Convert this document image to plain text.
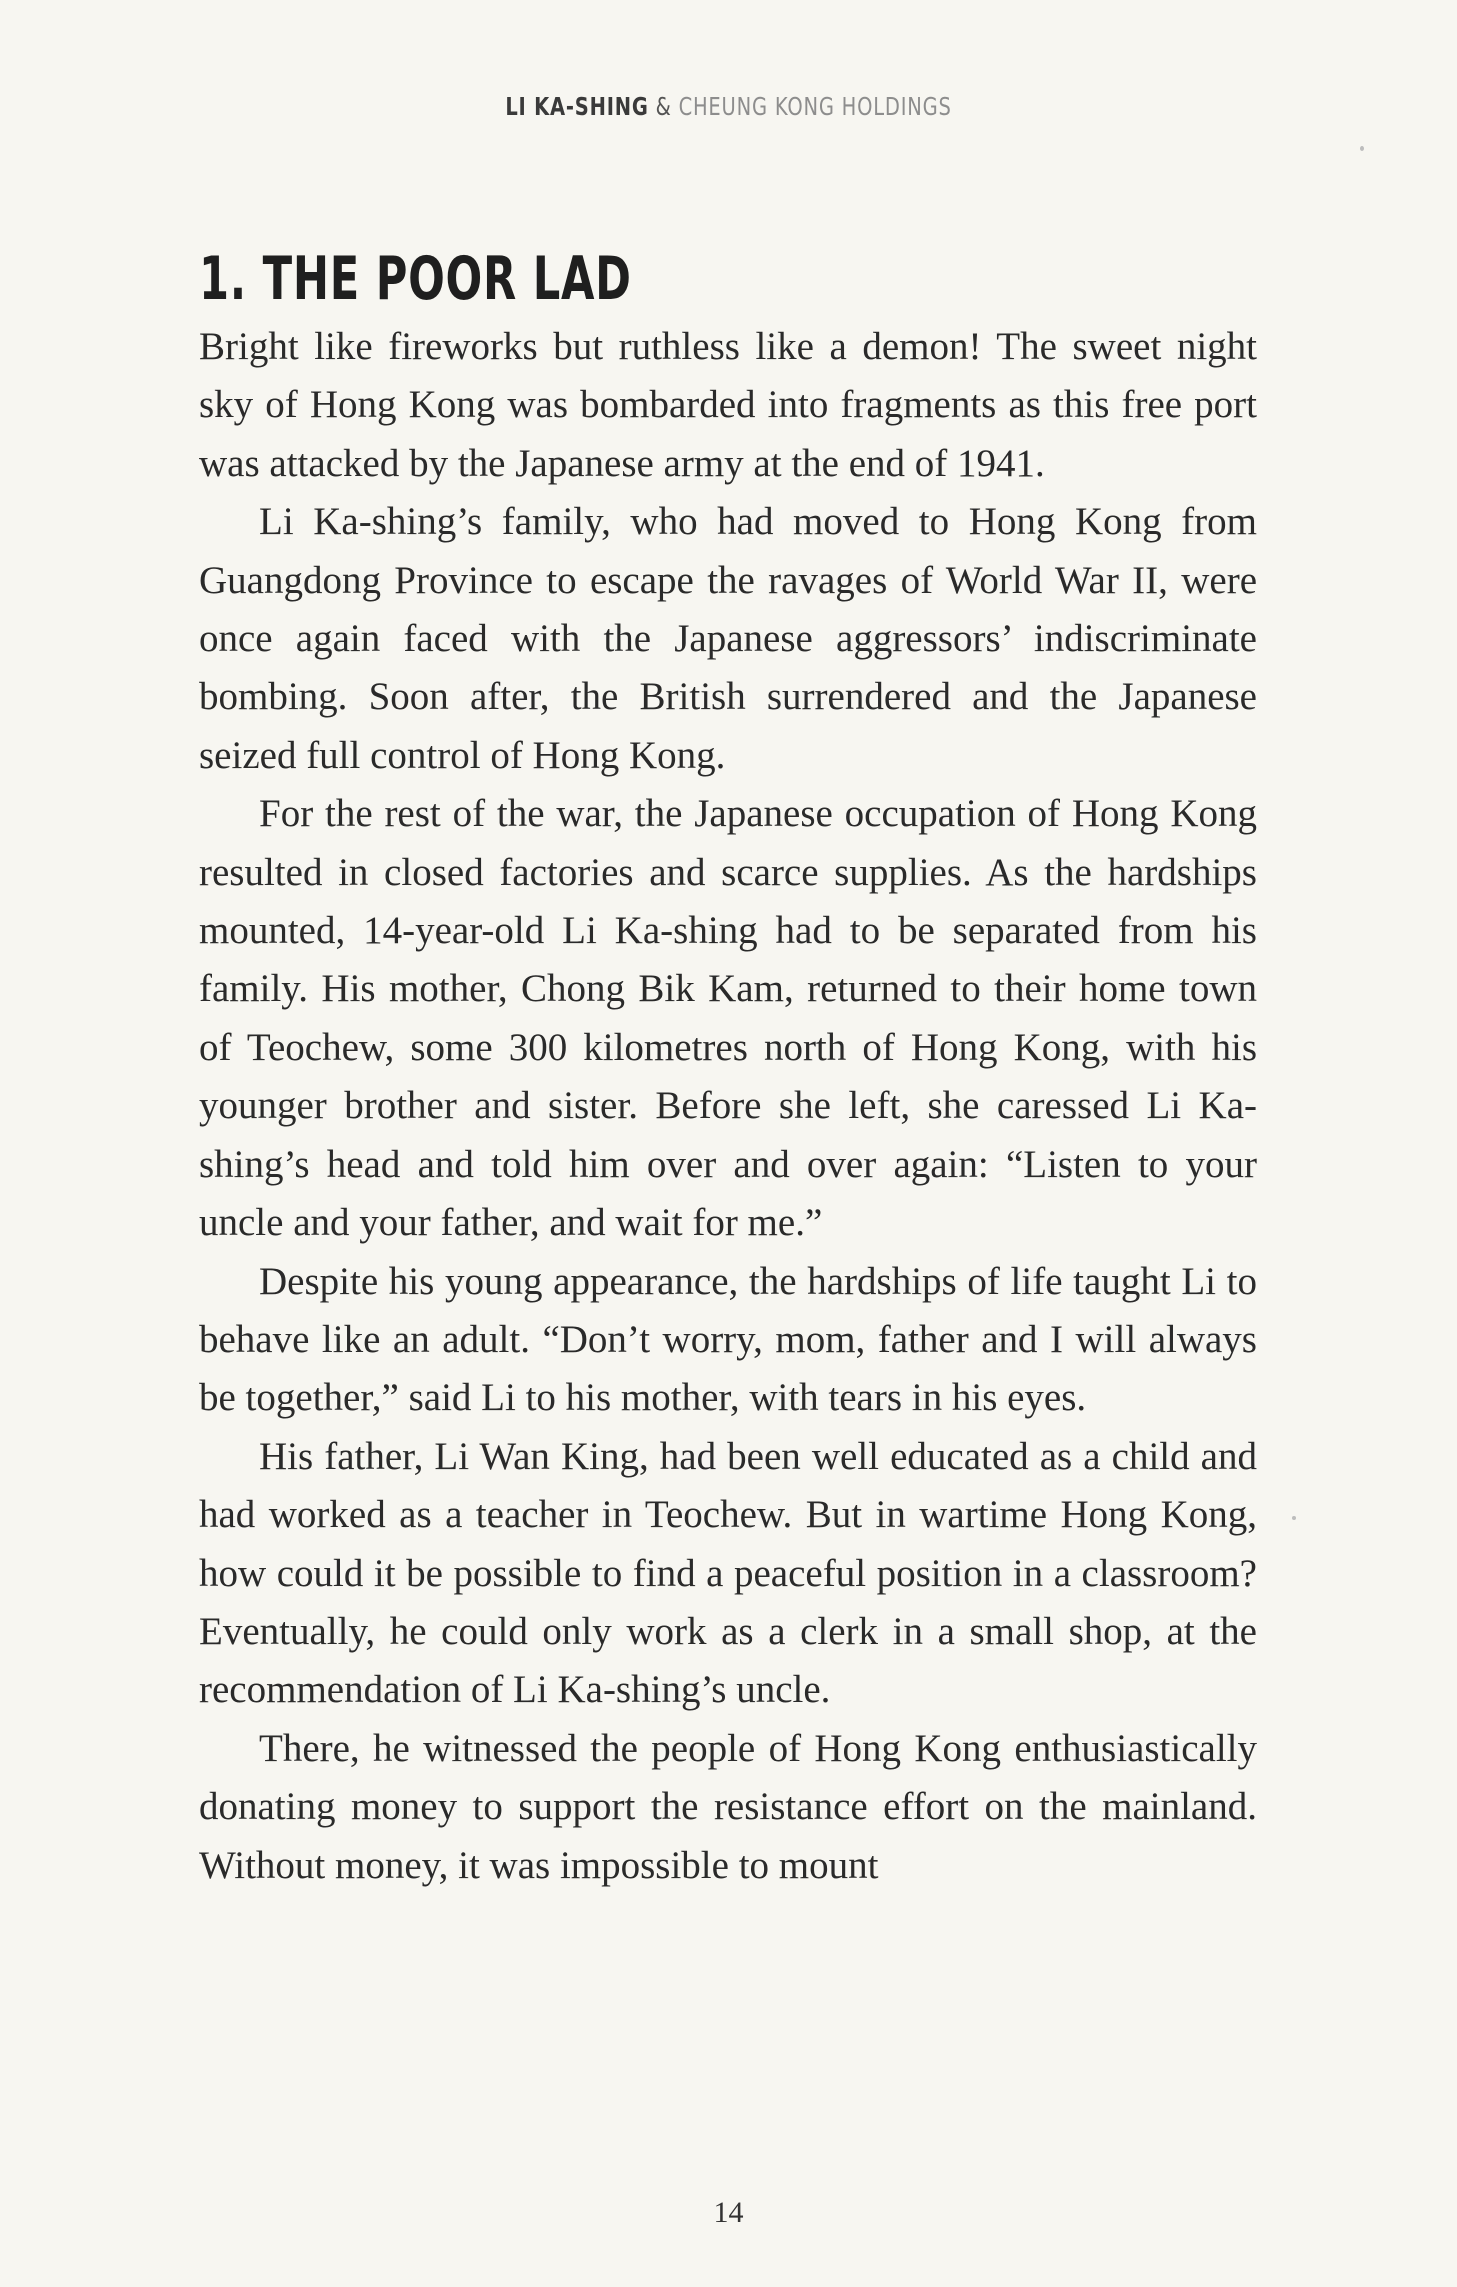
LI KA-SHING & CHEUNG KONG HOLDINGS
1. THE POOR LAD

Bright like fireworks but ruthless like a demon! The sweet night sky of Hong Kong was bombarded into fragments as this free port was attacked by the Japanese army at the end of 1941.

Li Ka-shing’s family, who had moved to Hong Kong from Guangdong Province to escape the ravages of World War II, were once again faced with the Japanese aggressors’ indiscriminate bombing. Soon after, the British surrendered and the Japanese seized full control of Hong Kong.

For the rest of the war, the Japanese occupation of Hong Kong resulted in closed factories and scarce supplies. As the hardships mounted, 14-year-old Li Ka-shing had to be separated from his family. His mother, Chong Bik Kam, returned to their home town of Teochew, some 300 kilometres north of Hong Kong, with his younger brother and sister. Before she left, she caressed Li Ka-shing’s head and told him over and over again: “Listen to your uncle and your father, and wait for me.”

Despite his young appearance, the hardships of life taught Li to behave like an adult. “Don’t worry, mom, father and I will always be together,” said Li to his mother, with tears in his eyes.

His father, Li Wan King, had been well educated as a child and had worked as a teacher in Teochew. But in wartime Hong Kong, how could it be possible to find a peaceful position in a classroom? Eventually, he could only work as a clerk in a small shop, at the recommendation of Li Ka-shing’s uncle.

There, he witnessed the people of Hong Kong enthusiastically donating money to support the resistance effort on the mainland. Without money, it was impossible to mount

14
